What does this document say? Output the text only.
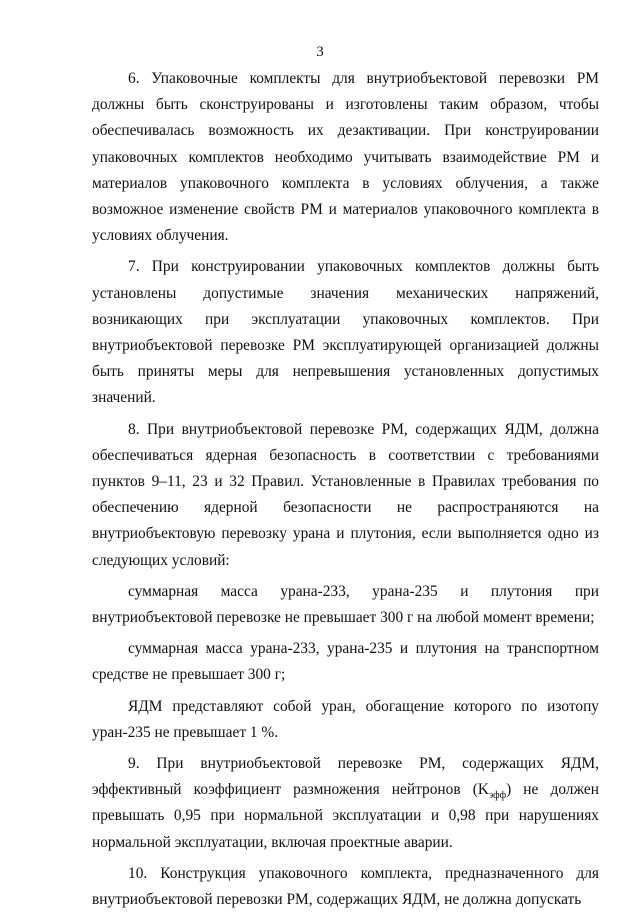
3

6. Упаковочные комплекты для внутриобъектовой перевозки РМ должны быть сконструированы и изготовлены таким образом, чтобы обеспечивалась возможность их дезактивации. При конструировании упаковочных комплектов необходимо учитывать взаимодействие РМ и материалов упаковочного комплекта в условиях облучения, а также возможное изменение свойств РМ и материалов упаковочного комплекта в условиях облучения.

7. При конструировании упаковочных комплектов должны быть установлены допустимые значения механических напряжений, возникающих при эксплуатации упаковочных комплектов. При внутриобъектовой перевозке РМ эксплуатирующей организацией должны быть приняты меры для непревышения установленных допустимых значений.

8. При внутриобъектовой перевозке РМ, содержащих ЯДМ, должна обеспечиваться ядерная безопасность в соответствии с требованиями пунктов 9–11, 23 и 32 Правил. Установленные в Правилах требования по обеспечению ядерной безопасности не распространяются на внутриобъектовую перевозку урана и плутония, если выполняется одно из следующих условий:

суммарная масса урана-233, урана-235 и плутония при внутриобъектовой перевозке не превышает 300 г на любой момент времени;

суммарная масса урана-233, урана-235 и плутония на транспортном средстве не превышает 300 г;

ЯДМ представляют собой уран, обогащение которого по изотопу уран-235 не превышает 1 %.

9. При внутриобъектовой перевозке РМ, содержащих ЯДМ, эффективный коэффициент размножения нейтронов $(K_{эфф})$ не должен превышать 0,95 при нормальной эксплуатации и 0,98 при нарушениях нормальной эксплуатации, включая проектные аварии.

10. Конструкция упаковочного комплекта, предназначенного для внутриобъектовой перевозки РМ, содержащих ЯДМ, не должна допускать
